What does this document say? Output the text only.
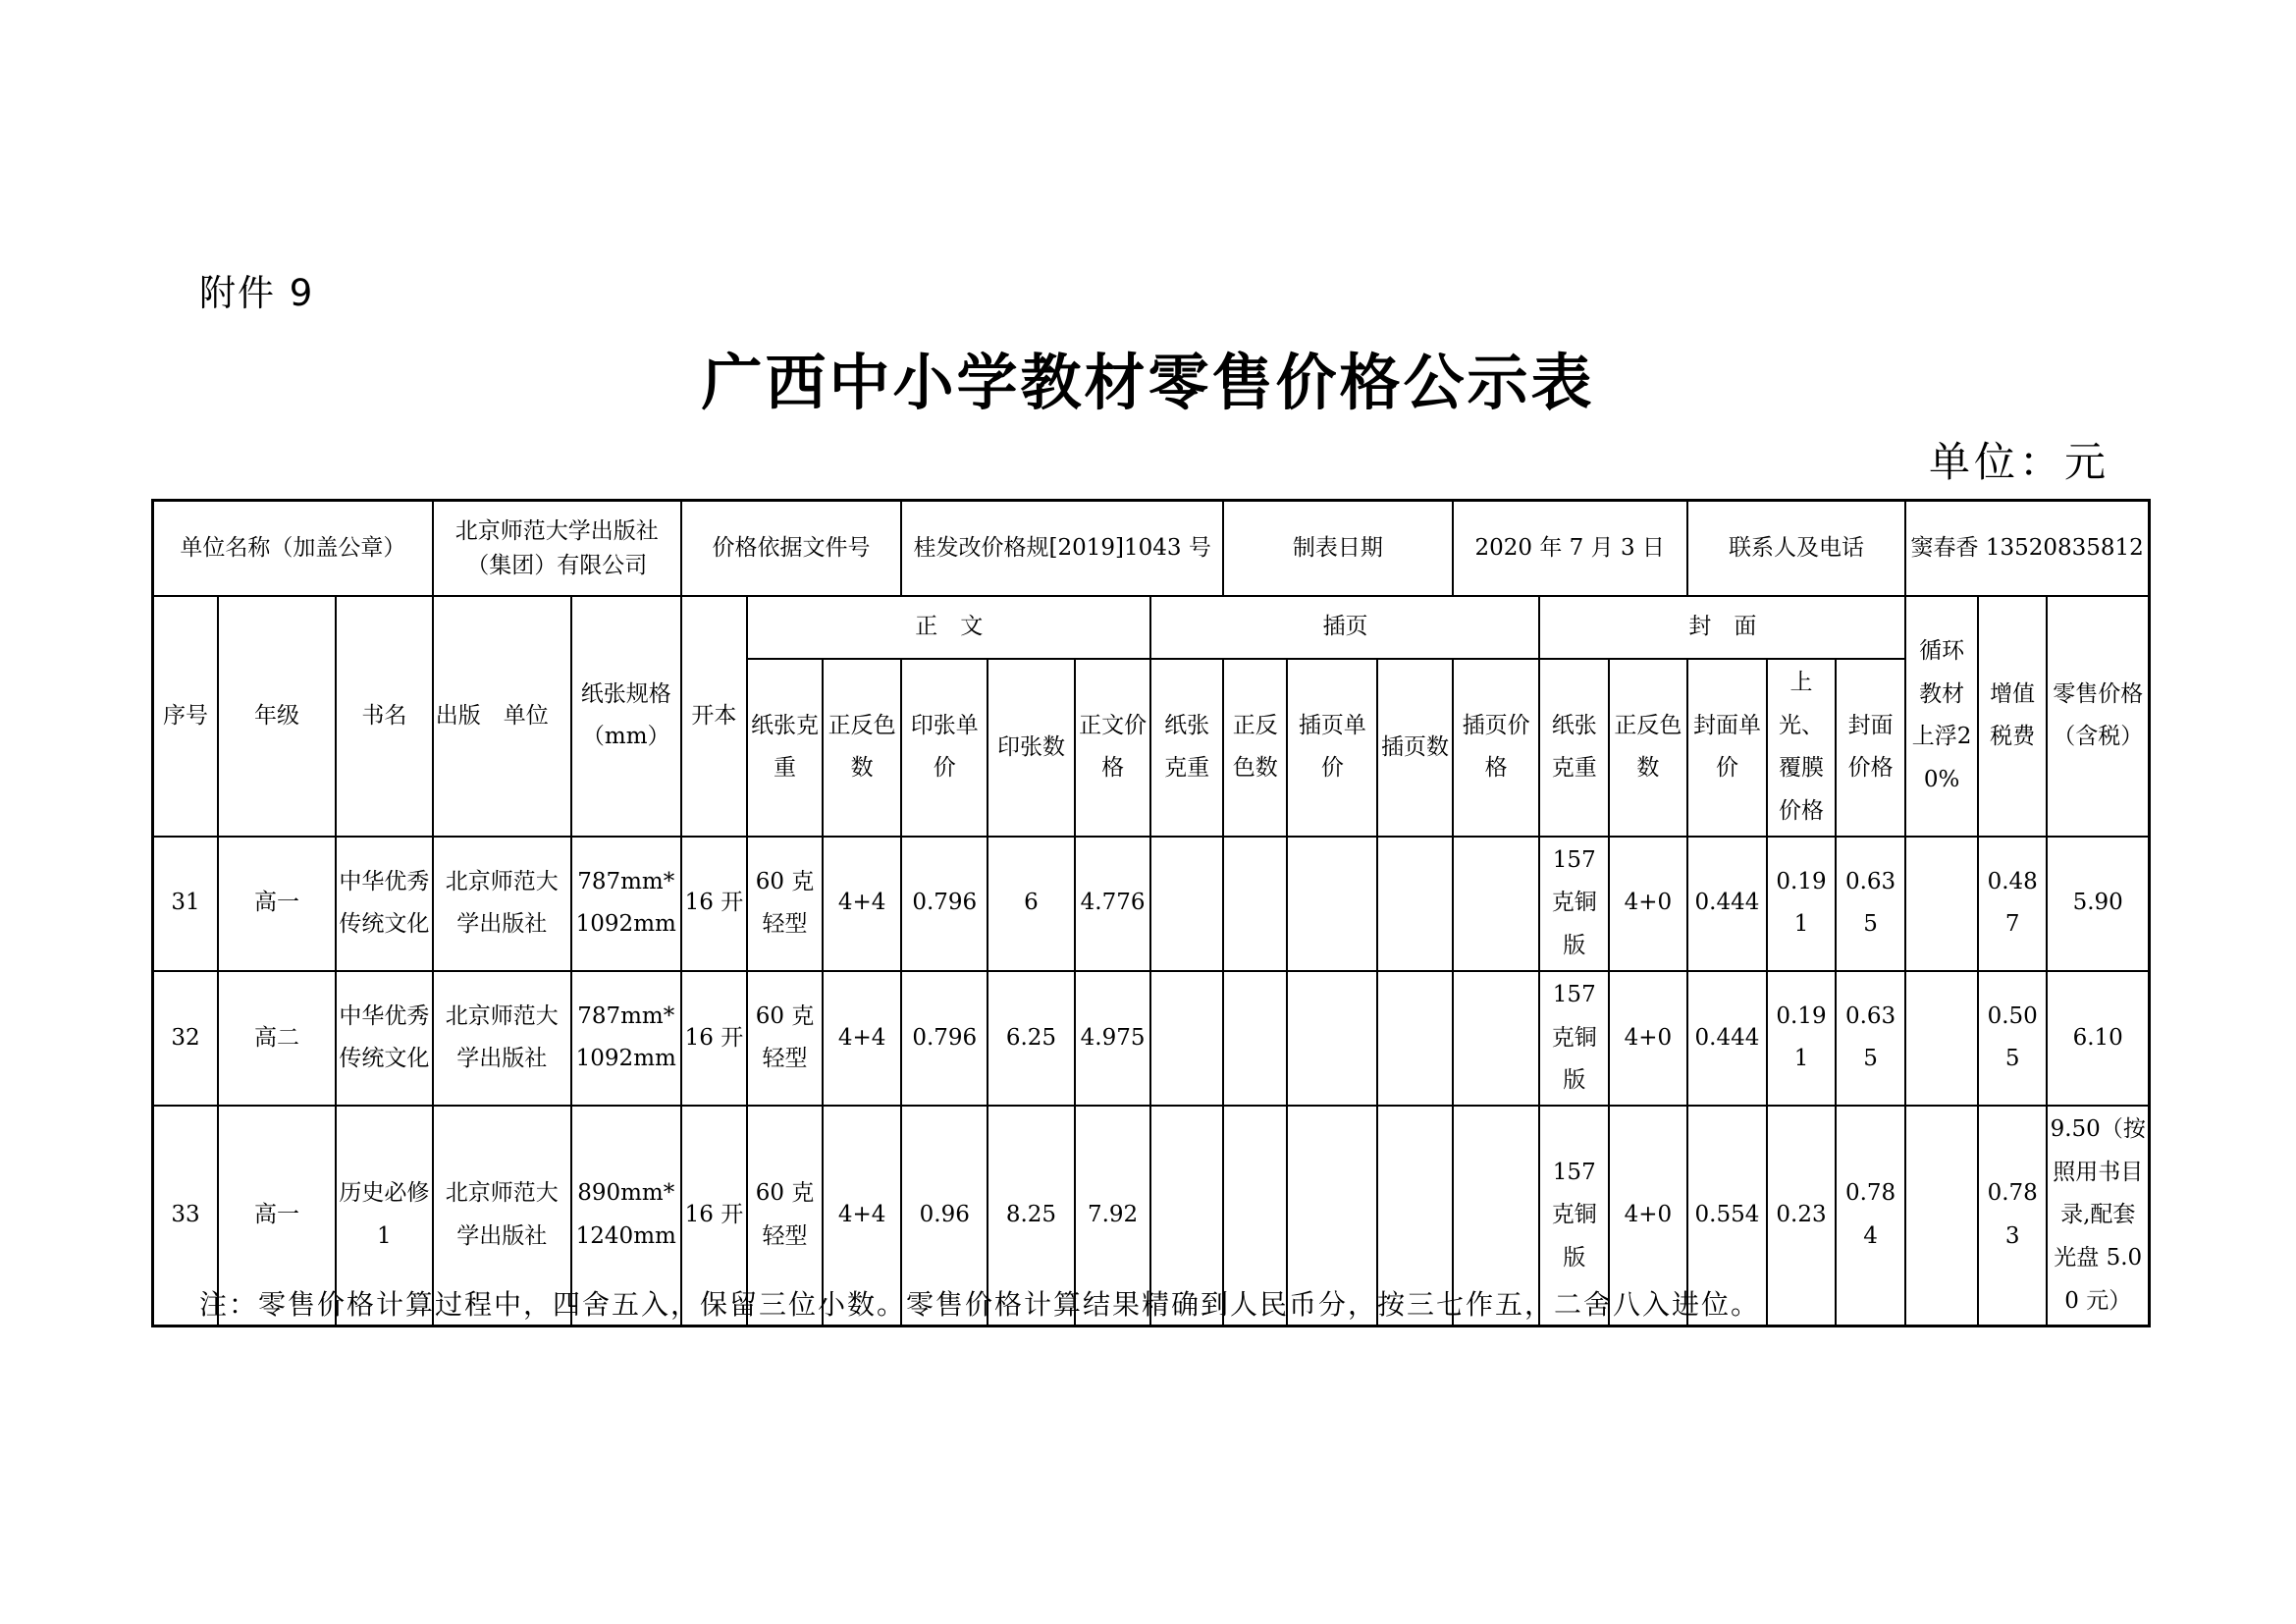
附件 9
广西中小学教材零售价格公示表
单位：元
单位名称（加盖公章）			北京师范大学出版社（集团）有限公司		价格依据文件号			桂发改价格规[2019]1043 号				制表日期			2020 年 7 月 3 日			联系人及电话			窦春香 13520835812		
序号	年级	书名	出版　单位	纸张规格（mm）	开本	正　文					插页					封　面					循环教材上浮20%	增值税费	零售价格（含税）
						纸张克重	正反色数	印张单价	印张数	正文价格	纸张克重	正反色数	插页单价	插页数	插页价格	纸张克重	正反色数	封面单价	上光、覆膜价格	封面价格			
31	高一	中华优秀传统文化	北京师范大学出版社	787mm*1092mm	16 开	60 克轻型	4+4	0.796	6	4.776						157 克铜版	4+0	0.444	0.191	0.635		0.487	5.90
32	高二	中华优秀传统文化	北京师范大学出版社	787mm*1092mm	16 开	60 克轻型	4+4	0.796	6.25	4.975						157 克铜版	4+0	0.444	0.191	0.635		0.505	6.10
33	高一	历史必修 1	北京师范大学出版社	890mm*1240mm	16 开	60 克轻型	4+4	0.96	8.25	7.92						157 克铜版	4+0	0.554	0.23	0.784		0.783	9.50（按照用书目录,配套光盘 5.00 元）
注：零售价格计算过程中，四舍五入，保留三位小数。零售价格计算结果精确到人民币分，按三七作五，二舍八入进位。
